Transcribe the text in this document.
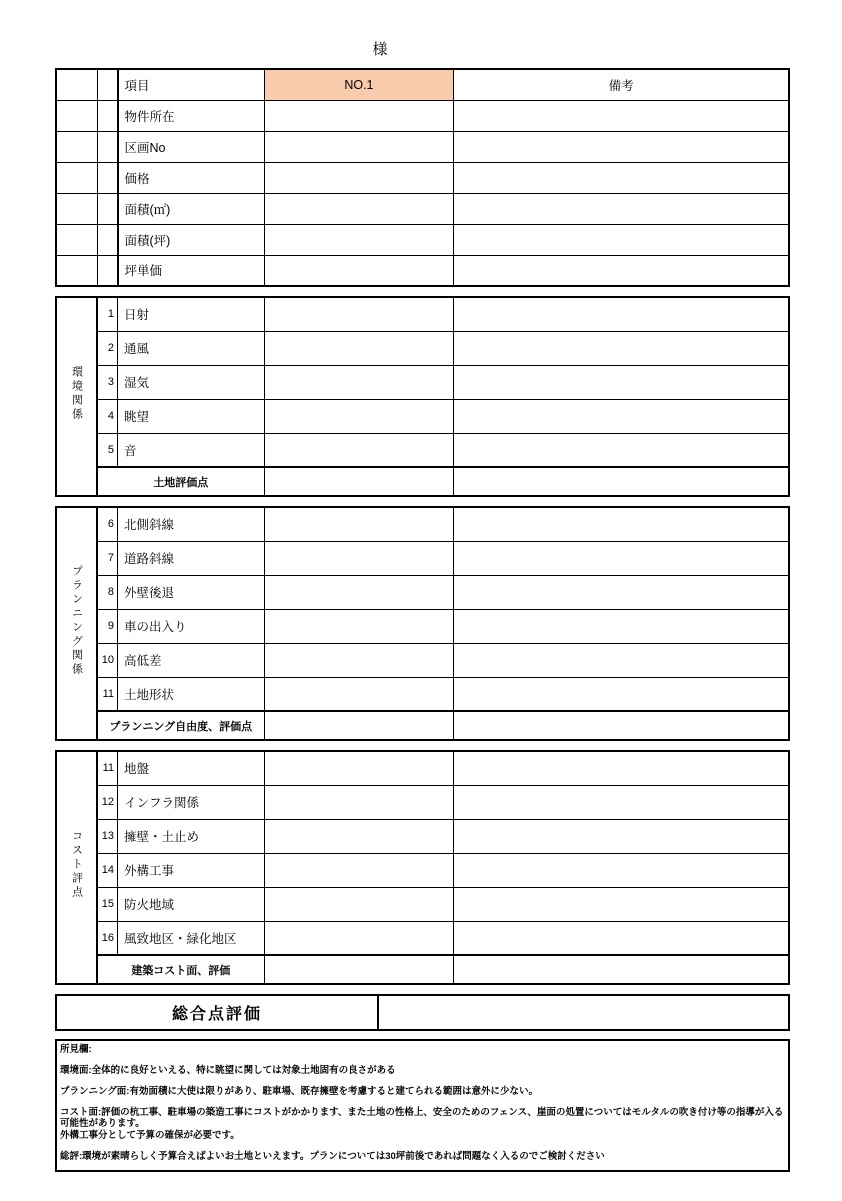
様
		項目	NO.1	備考
		物件所在		
		区画No		
		価格		
		面積(㎡)		
		面積(坪)		
		坪単価		
環境関係	1	日射		
	2	通風		
	3	湿気		
	4	眺望		
	5	音		
	土地評価点			
プランニング関係	6	北側斜線		
	7	道路斜線		
	8	外壁後退		
	9	車の出入り		
	10	高低差		
	11	土地形状		
	プランニング自由度、評価点			
コスト評点	11	地盤		
	12	インフラ関係		
	13	擁壁・土止め		
	14	外構工事		
	15	防火地域		
	16	風致地区・緑化地区		
	建築コスト面、評価			
総合点評価
所見欄:
環境面:全体的に良好といえる、特に眺望に関しては対象土地固有の良さがある
プランニング面:有効面積に大使は限りがあり、駐車場、既存擁壁を考慮すると建てられる範囲は意外に少ない。
コスト面:評価の杭工事、駐車場の築造工事にコストがかかります、また土地の性格上、安全のためのフェンス、崖面の処置についてはモルタルの吹き付け等の指導が入る可能性があります。
外構工事分として予算の確保が必要です。
総評:環境が素晴らしく予算合えばよいお土地といえます。プランについては30坪前後であれば問題なく入るのでご検討ください
